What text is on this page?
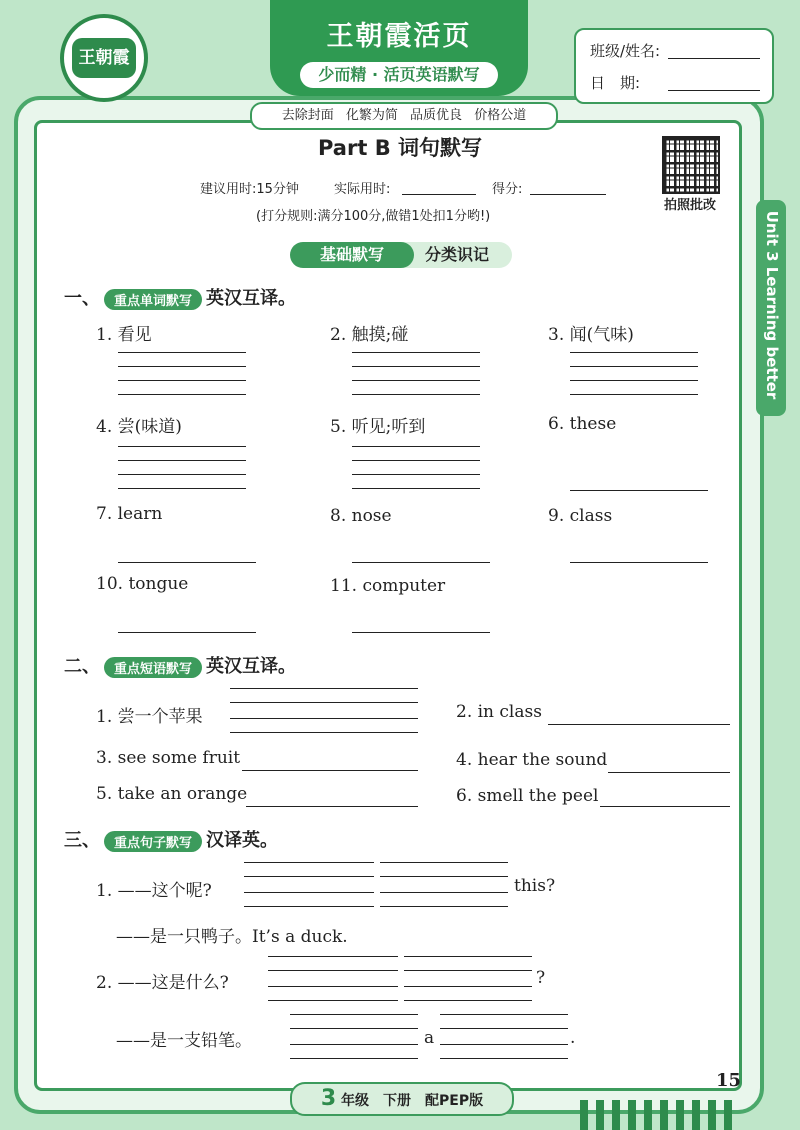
王朝霞
王朝霞活页
少而精 · 活页英语默写
去除封面 化繁为简 品质优良 价格公道
班级/姓名:
日　期:
Unit 3 Learning better
Part B 词句默写
拍照批改
建议用时:15分钟	实际用时:	得分:
(打分规则:满分100分,做错1处扣1分哟!)
分类识记
基础默写
一、 重点单词默写 英汉互译。
1. 看见	2. 触摸;碰	3. 闻(气味)
4. 尝(味道)	5. 听见;听到	6. these
7. learn	8. nose	9. class
10. tongue	11. computer
二、 重点短语默写 英汉互译。
1. 尝一个苹果	2. in class
3. see some fruit	4. hear the sound
5. take an orange	6. smell the peel
三、 重点句子默写 汉译英。
1. ——这个呢?	this?
——是一只鸭子。It’s a duck.
2. ——这是什么?	?
——是一支铅笔。	a	.
3 年级　下册　配PEP版
15
